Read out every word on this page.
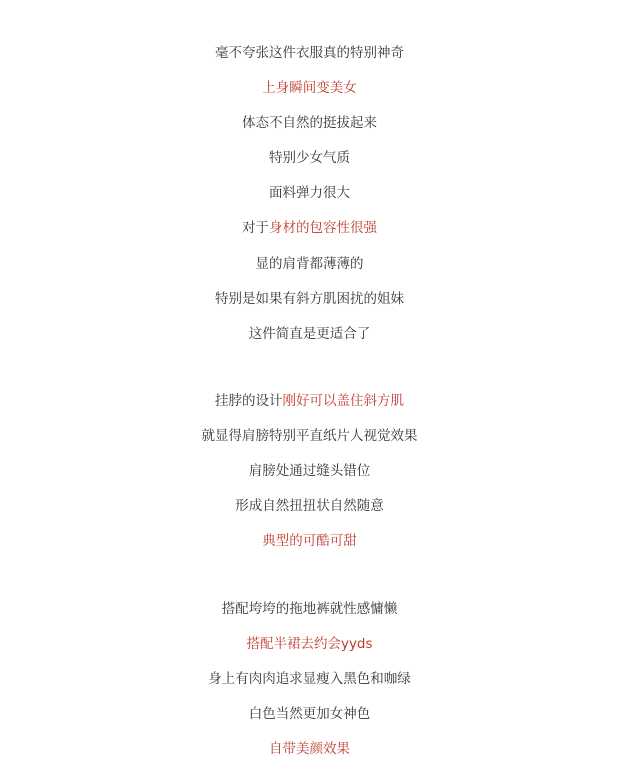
毫不夸张这件衣服真的特别神奇

上身瞬间变美女

体态不自然的挺拔起来

特别少女气质

面料弹力很大

对于身材的包容性很强

显的肩背都薄薄的

特别是如果有斜方肌困扰的姐妹

这件简直是更适合了

挂脖的设计刚好可以盖住斜方肌

就显得肩膀特别平直纸片人视觉效果

肩膀处通过缝头错位

形成自然扭扭状自然随意

典型的可酷可甜

搭配垮垮的拖地裤就性感慵懒

搭配半裙去约会yyds

身上有肉肉追求显瘦入黑色和咖绿

白色当然更加女神色

自带美颜效果
